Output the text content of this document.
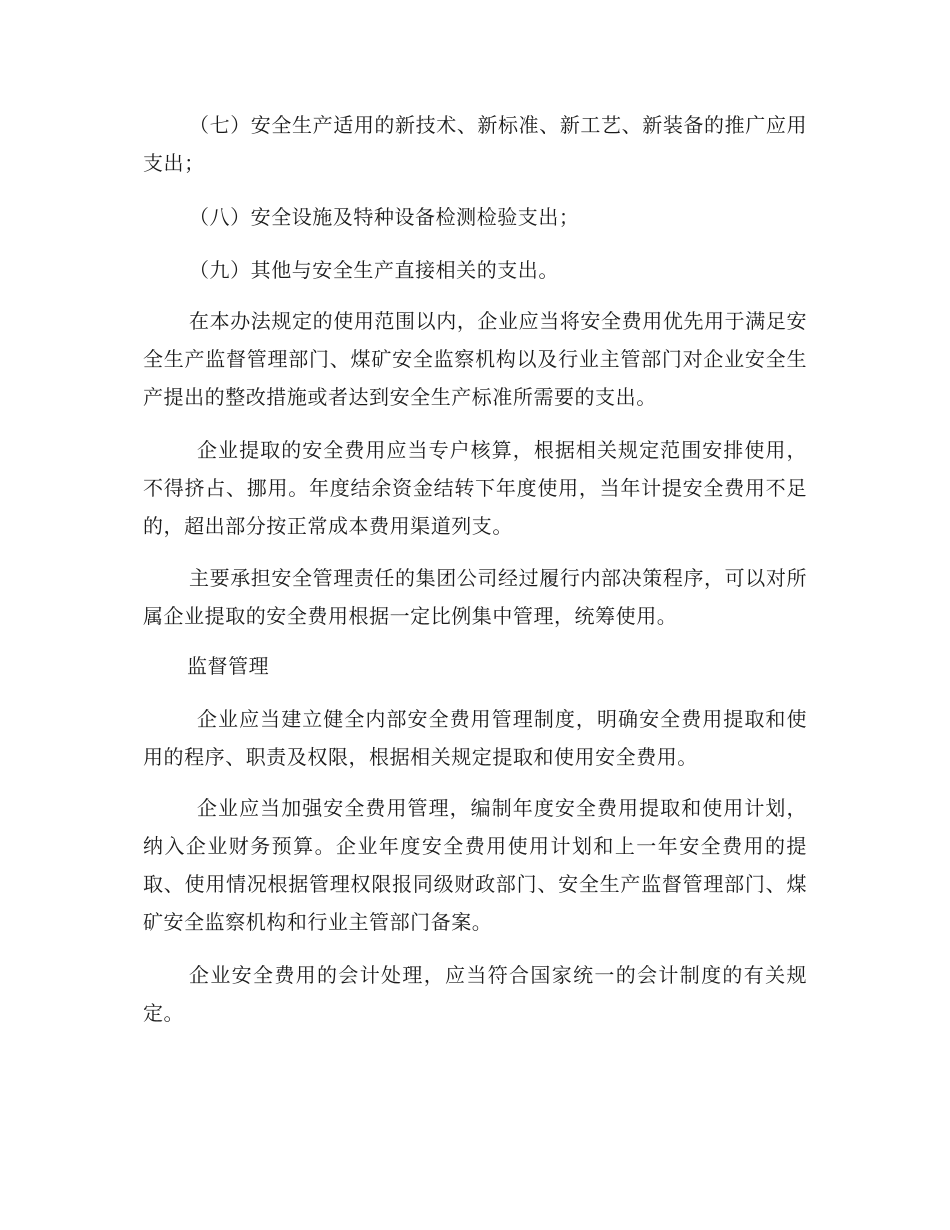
（七）安全生产适用的新技术、新标准、新工艺、新装备的推广应用支出；

（八）安全设施及特种设备检测检验支出；

（九）其他与安全生产直接相关的支出。

在本办法规定的使用范围以内，企业应当将安全费用优先用于满足安全生产监督管理部门、煤矿安全监察机构以及行业主管部门对企业安全生产提出的整改措施或者达到安全生产标准所需要的支出。

企业提取的安全费用应当专户核算，根据相关规定范围安排使用，不得挤占、挪用。年度结余资金结转下年度使用，当年计提安全费用不足的，超出部分按正常成本费用渠道列支。

主要承担安全管理责任的集团公司经过履行内部决策程序，可以对所属企业提取的安全费用根据一定比例集中管理，统筹使用。

监督管理

企业应当建立健全内部安全费用管理制度，明确安全费用提取和使用的程序、职责及权限，根据相关规定提取和使用安全费用。

企业应当加强安全费用管理，编制年度安全费用提取和使用计划，纳入企业财务预算。企业年度安全费用使用计划和上一年安全费用的提取、使用情况根据管理权限报同级财政部门、安全生产监督管理部门、煤矿安全监察机构和行业主管部门备案。

企业安全费用的会计处理，应当符合国家统一的会计制度的有关规定。
